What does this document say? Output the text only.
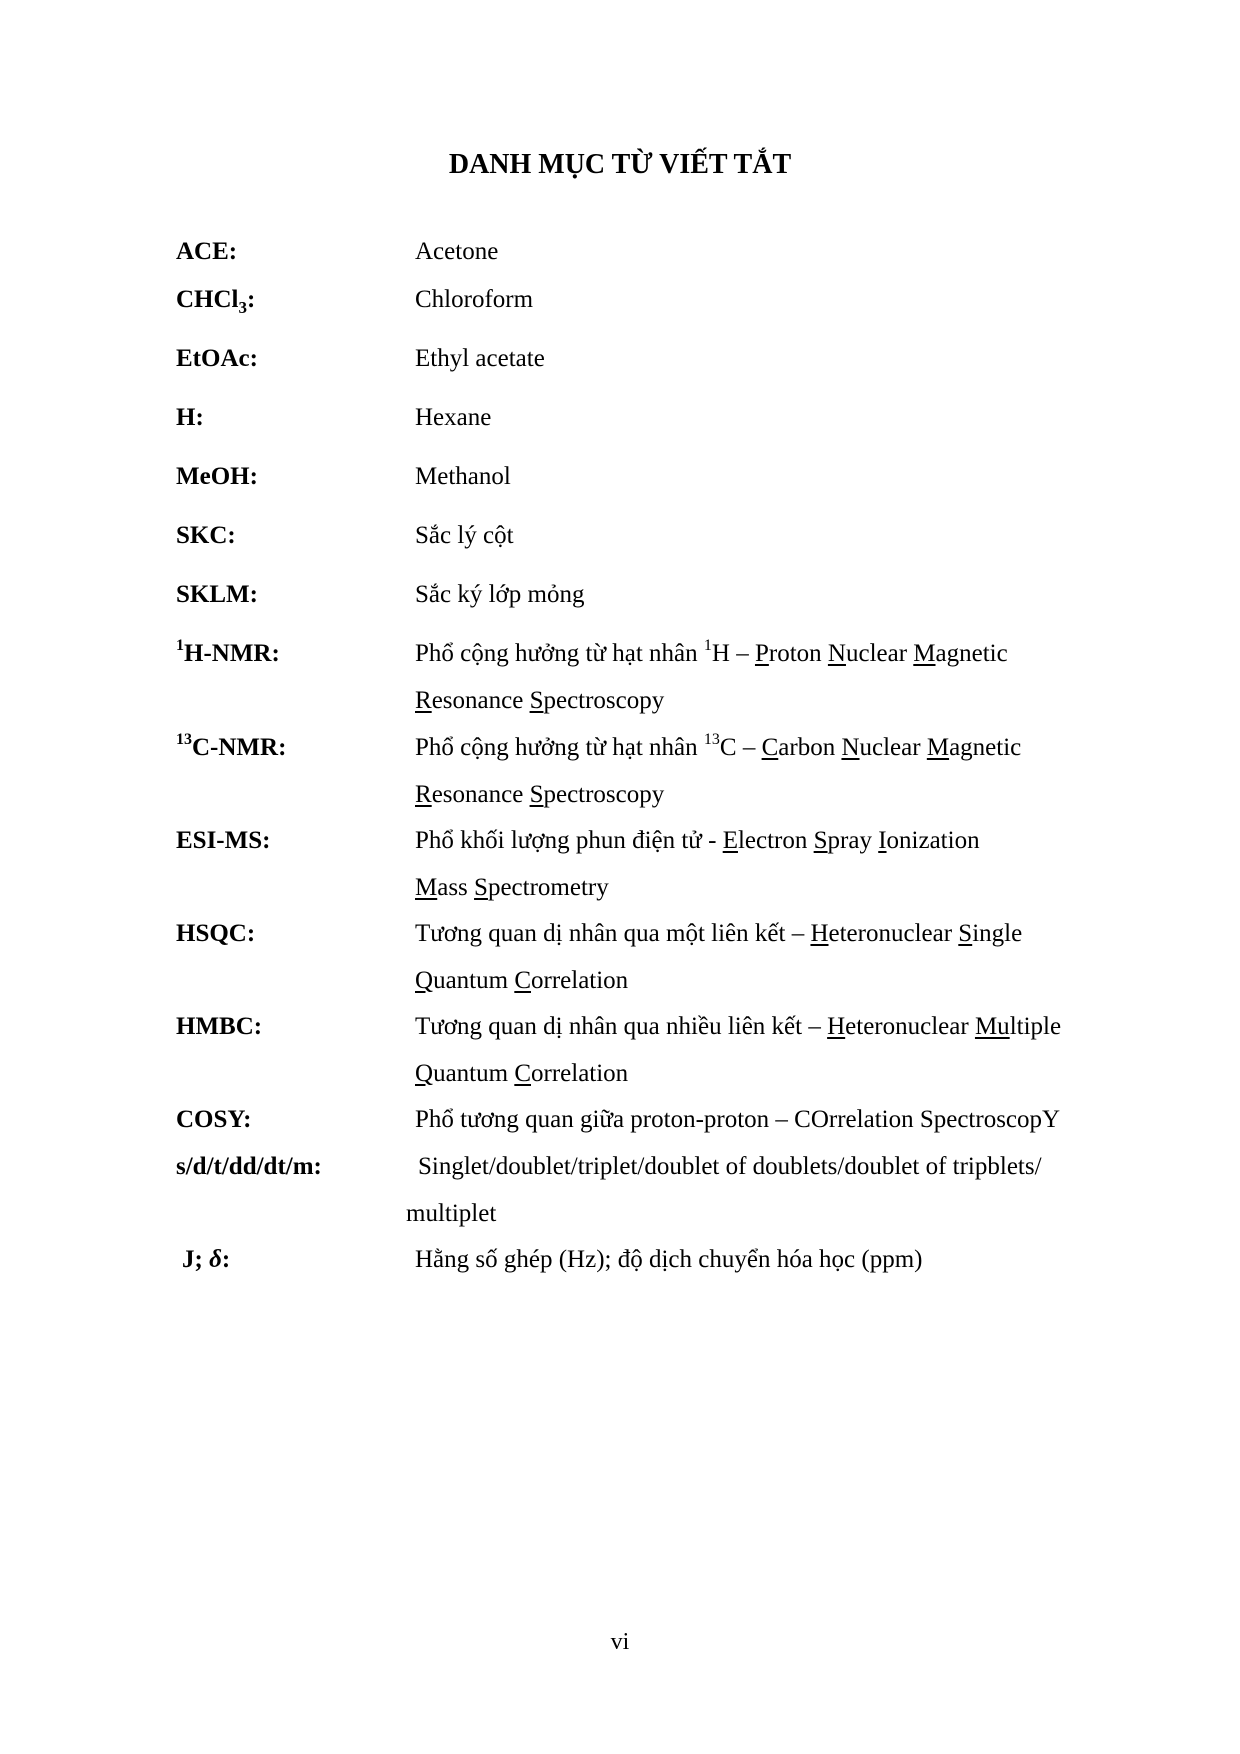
DANH MỤC TỪ VIẾT TẮT
ACE:	Acetone
CHCl$_3$:	Chloroform
EtOAc:	Ethyl acetate
H:	Hexane
MeOH:	Methanol
SKC:	Sắc lý cột
SKLM:	Sắc ký lớp mỏng
$^1$H-NMR:	Phổ cộng hưởng từ hạt nhân $^1$H – Proton Nuclear Magnetic
Resonance Spectroscopy
$^{13}$C-NMR:	Phổ cộng hưởng từ hạt nhân $^{13}$C – Carbon Nuclear Magnetic
Resonance Spectroscopy
ESI-MS:	Phổ khối lượng phun điện tử - Electron Spray Ionization
Mass Spectrometry
HSQC:	Tương quan dị nhân qua một liên kết – Heteronuclear Single
Quantum Correlation
HMBC:	Tương quan dị nhân qua nhiều liên kết – Heteronuclear Multiple
Quantum Correlation
COSY:	Phổ tương quan giữa proton-proton – COrrelation SpectroscopY
s/d/t/dd/dt/m:	Singlet/doublet/triplet/doublet of doublets/doublet of tripblets/
multiplet
J; δ:	Hằng số ghép (Hz); độ dịch chuyển hóa học (ppm)
vi
